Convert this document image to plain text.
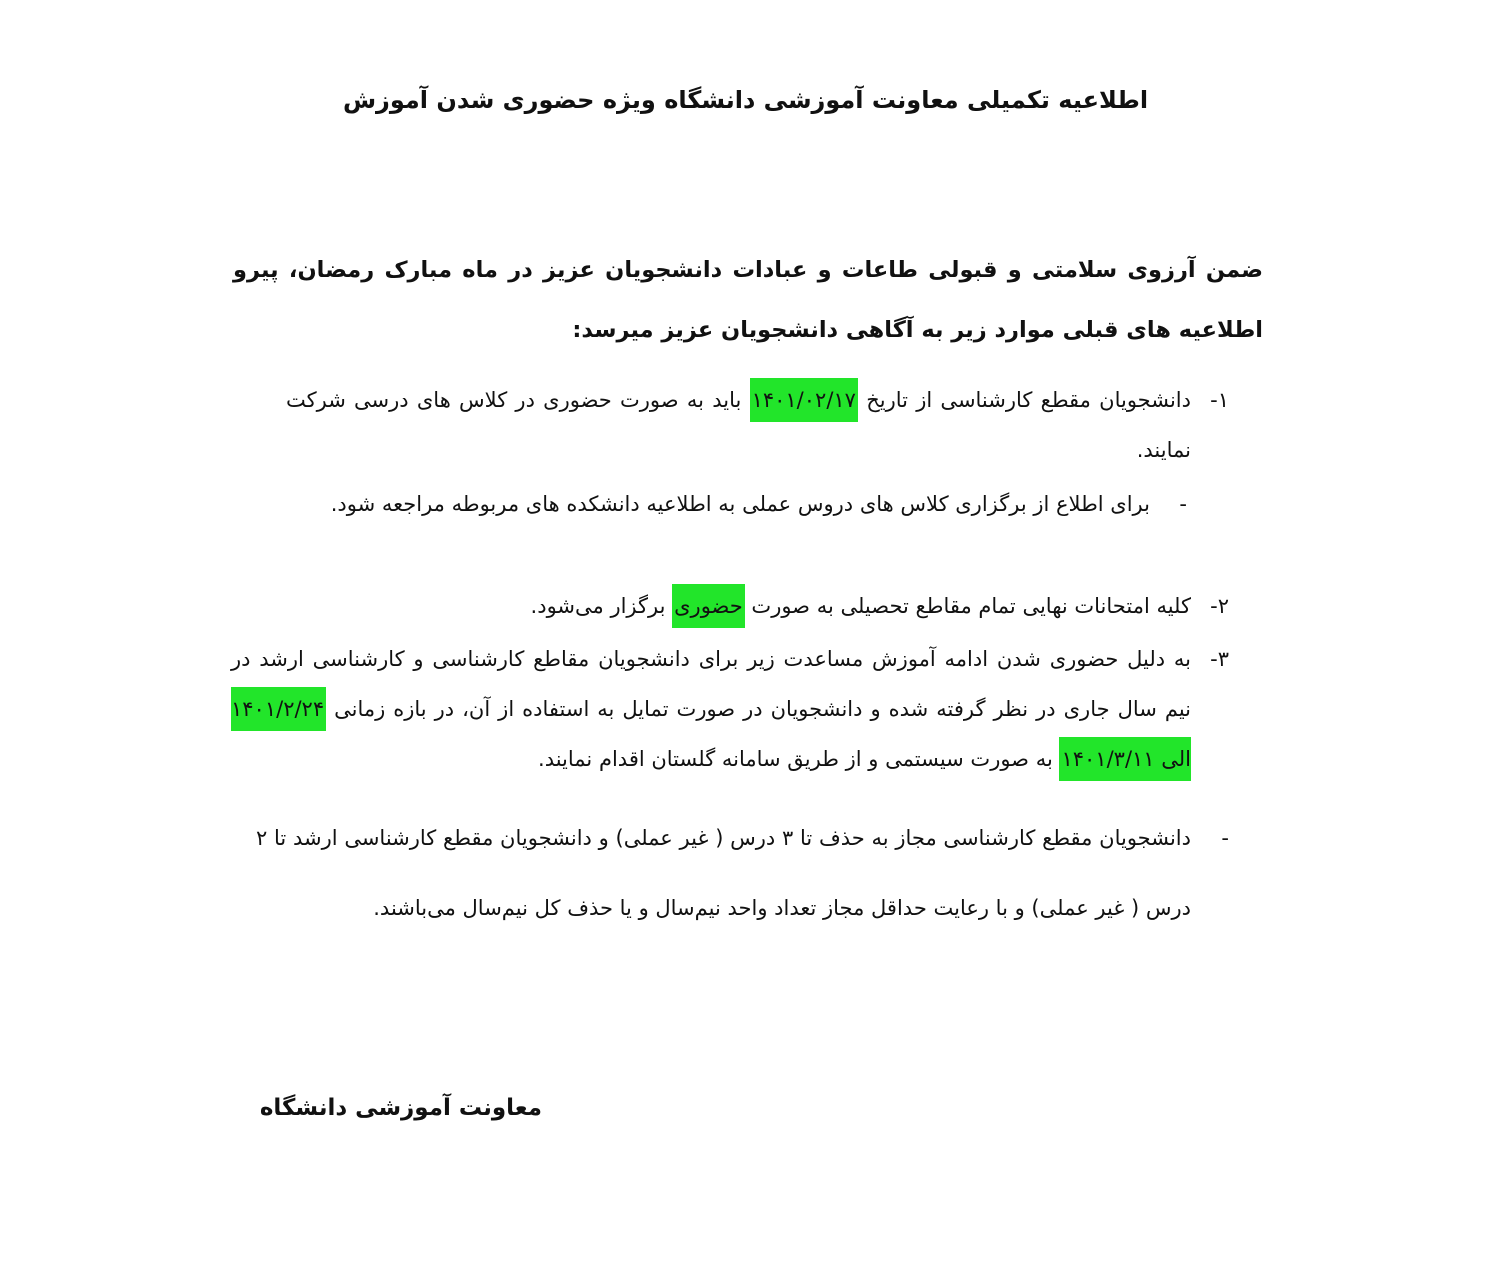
اطلاعیه تکمیلی معاونت آموزشی دانشگاه ویژه حضوری شدن آموزش
ضمن آرزوی سلامتی و قبولی طاعات و عبادات دانشجویان عزیز در ماه مبارک رمضان، پیرو اطلاعیه های قبلی موارد زیر به آگاهی دانشجویان عزیز میرسد:
۱-
دانشجویان مقطع کارشناسی از تاریخ ۱۴۰۱/۰۲/۱۷ باید به صورت حضوری در کلاس های درسی شرکت نمایند.
-
برای اطلاع از برگزاری کلاس های دروس عملی به اطلاعیه دانشکده های مربوطه مراجعه شود.
۲-
کلیه امتحانات نهایی تمام مقاطع تحصیلی به صورت حضوری برگزار می‌شود.
۳-
به دلیل حضوری شدن ادامه آموزش مساعدت زیر برای دانشجویان مقاطع کارشناسی و کارشناسی ارشد در نیم سال جاری در نظر گرفته شده و دانشجویان در صورت تمایل به استفاده از آن، در بازه زمانی ۱۴۰۱/۲/۲۴ الی ۱۴۰۱/۳/۱۱ به صورت سیستمی و از طریق سامانه گلستان اقدام نمایند.
-
دانشجویان مقطع کارشناسی مجاز به حذف تا ۳ درس ( غیر عملی) و دانشجویان مقطع کارشناسی ارشد تا ۲ درس ( غیر عملی) و با رعایت حداقل مجاز تعداد واحد نیم‌سال و یا حذف کل نیم‌سال می‌باشند.
معاونت آموزشی دانشگاه
